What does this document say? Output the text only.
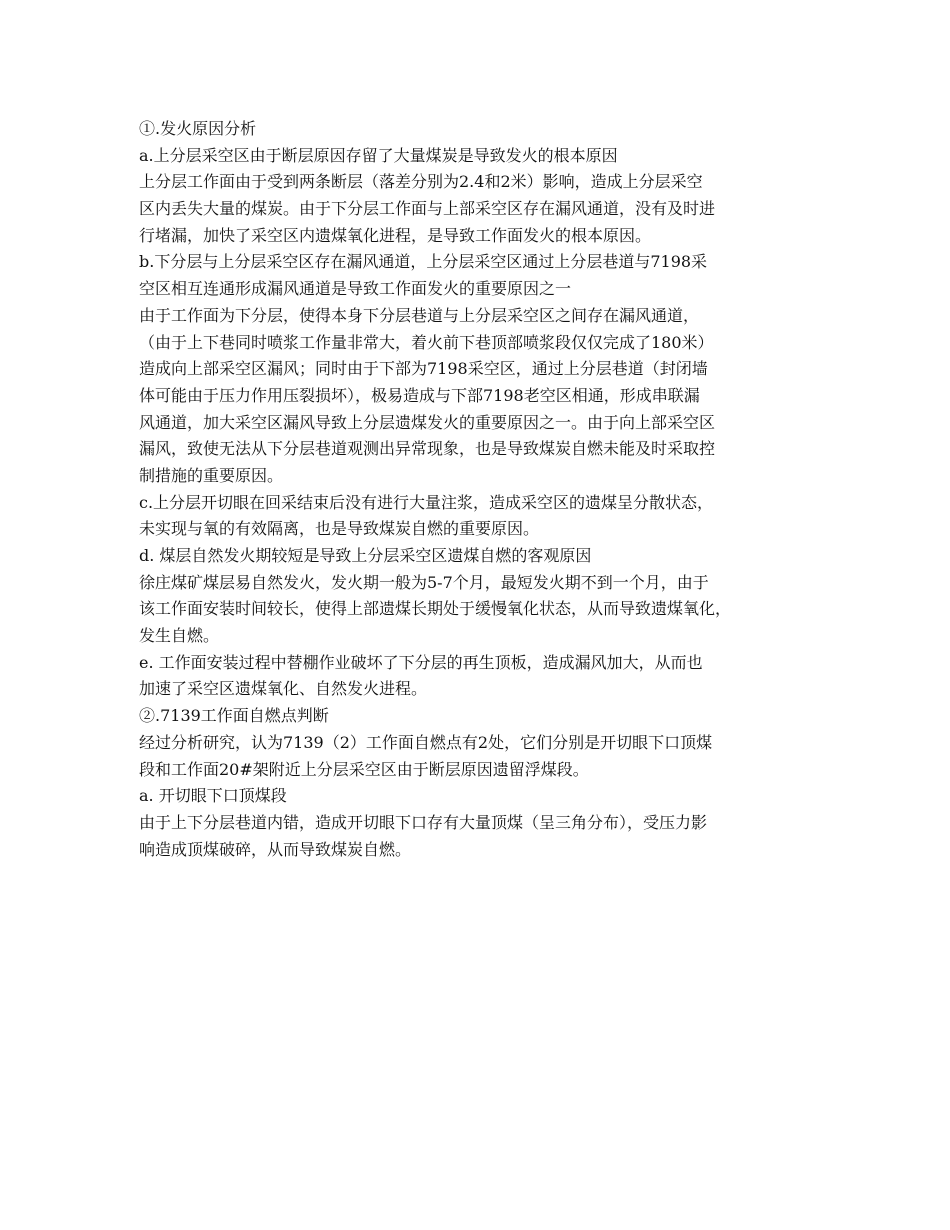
①.发火原因分析

a.上分层采空区由于断层原因存留了大量煤炭是导致发火的根本原因

上分层工作面由于受到两条断层（落差分别为2.4和2米）影响，造成上分层采空

区内丢失大量的煤炭。由于下分层工作面与上部采空区存在漏风通道，没有及时进

行堵漏，加快了采空区内遗煤氧化进程，是导致工作面发火的根本原因。

b.下分层与上分层采空区存在漏风通道，上分层采空区通过上分层巷道与7198采

空区相互连通形成漏风通道是导致工作面发火的重要原因之一

由于工作面为下分层，使得本身下分层巷道与上分层采空区之间存在漏风通道，

（由于上下巷同时喷浆工作量非常大，着火前下巷顶部喷浆段仅仅完成了180米）

造成向上部采空区漏风；同时由于下部为7198采空区，通过上分层巷道（封闭墙

体可能由于压力作用压裂损坏），极易造成与下部7198老空区相通，形成串联漏

风通道，加大采空区漏风导致上分层遗煤发火的重要原因之一。由于向上部采空区

漏风，致使无法从下分层巷道观测出异常现象，也是导致煤炭自燃未能及时采取控

制措施的重要原因。

c.上分层开切眼在回采结束后没有进行大量注浆，造成采空区的遗煤呈分散状态，

未实现与氧的有效隔离，也是导致煤炭自燃的重要原因。

d. 煤层自然发火期较短是导致上分层采空区遗煤自燃的客观原因

徐庄煤矿煤层易自然发火，发火期一般为5-7个月，最短发火期不到一个月，由于

该工作面安装时间较长，使得上部遗煤长期处于缓慢氧化状态，从而导致遗煤氧化，

发生自燃。

e. 工作面安装过程中替棚作业破坏了下分层的再生顶板，造成漏风加大，从而也

加速了采空区遗煤氧化、自然发火进程。

②.7139工作面自燃点判断

经过分析研究，认为7139（2）工作面自燃点有2处，它们分别是开切眼下口顶煤

段和工作面20#架附近上分层采空区由于断层原因遗留浮煤段。

a. 开切眼下口顶煤段

由于上下分层巷道内错，造成开切眼下口存有大量顶煤（呈三角分布），受压力影

响造成顶煤破碎，从而导致煤炭自燃。
